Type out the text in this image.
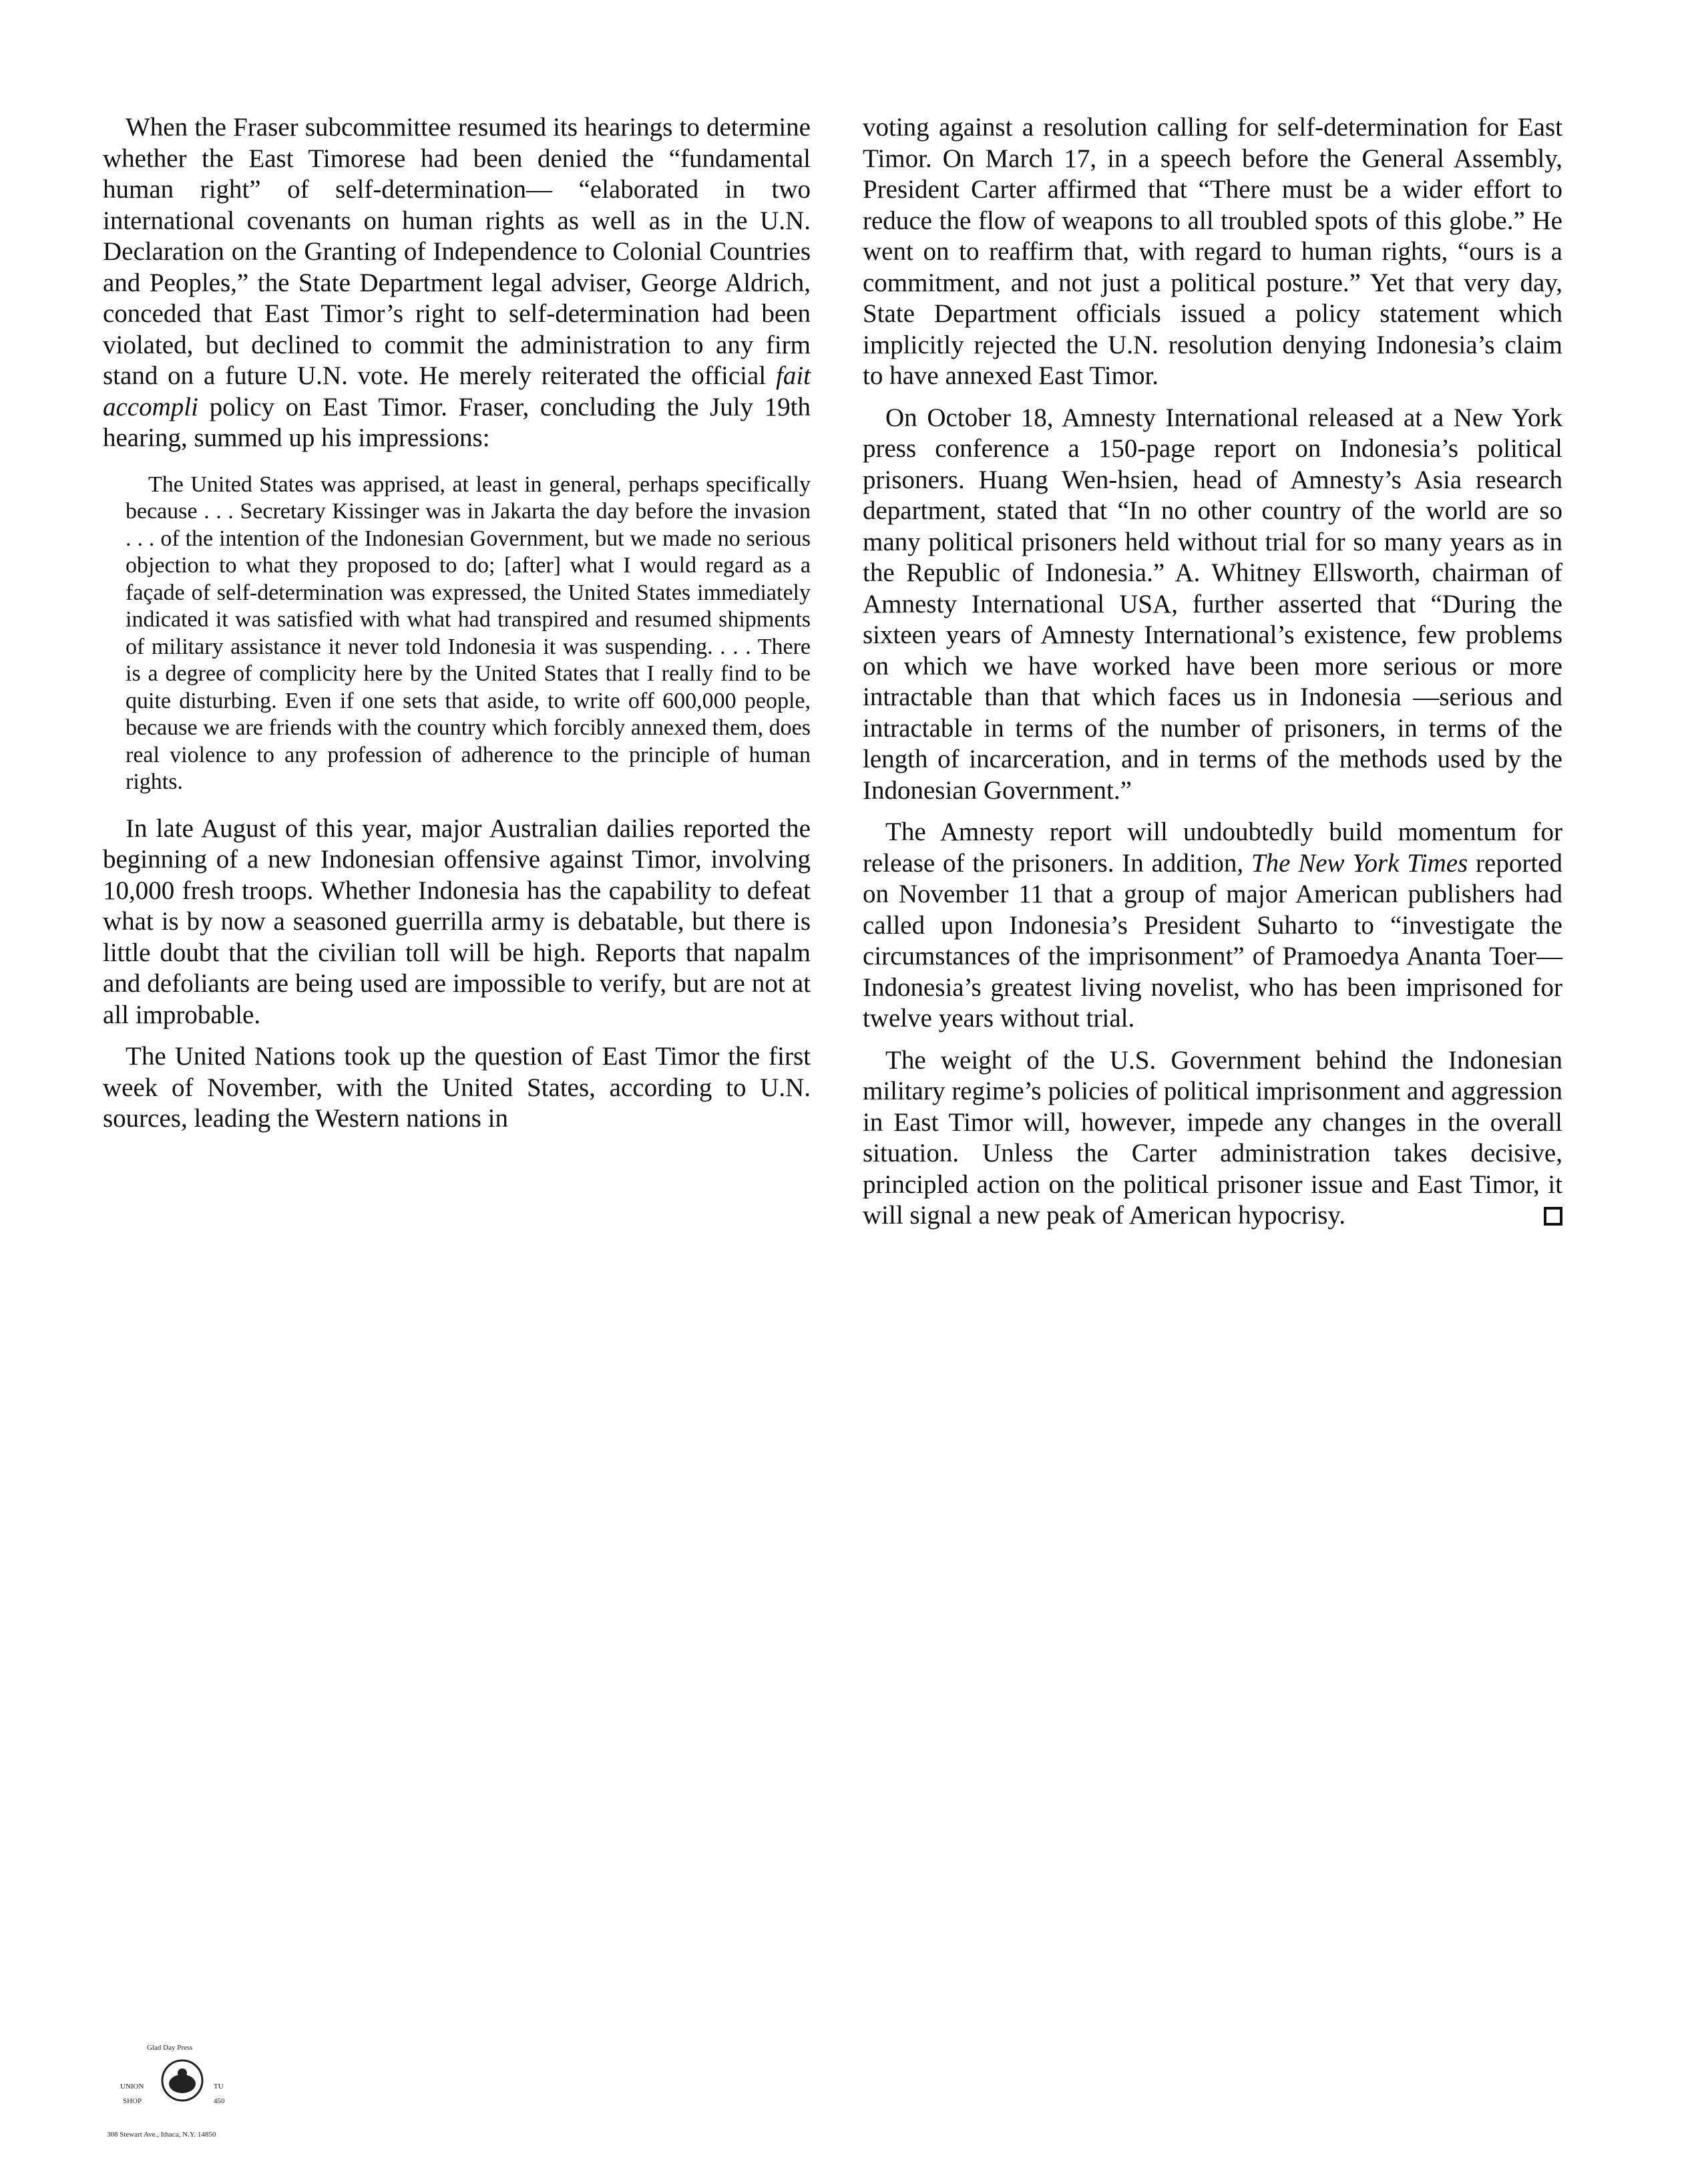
When the Fraser subcommittee resumed its hearings to determine whether the East Timorese had been denied the “fundamental human right” of self-determination— “elaborated in two international covenants on human rights as well as in the U.N. Declaration on the Granting of Independence to Colonial Countries and Peoples,” the State Department legal adviser, George Aldrich, conceded that East Timor’s right to self-determination had been violated, but declined to commit the administration to any firm stand on a future U.N. vote. He merely reiterated the official fait accompli policy on East Timor. Fraser, concluding the July 19th hearing, summed up his impressions:

The United States was apprised, at least in general, perhaps specifically because . . . Secretary Kissinger was in Jakarta the day before the invasion . . . of the intention of the Indonesian Government, but we made no serious objection to what they proposed to do; [after] what I would regard as a façade of self-determination was expressed, the United States immediately indicated it was satisfied with what had transpired and resumed shipments of military assistance it never told Indonesia it was suspending. . . . There is a degree of complicity here by the United States that I really find to be quite disturbing. Even if one sets that aside, to write off 600,000 people, because we are friends with the country which forcibly annexed them, does real violence to any profession of adherence to the principle of human rights.

In late August of this year, major Australian dailies reported the beginning of a new Indonesian offensive against Timor, involving 10,000 fresh troops. Whether Indonesia has the capability to defeat what is by now a seasoned guerrilla army is debatable, but there is little doubt that the civilian toll will be high. Reports that napalm and defoliants are being used are impossible to verify, but are not at all improbable.

The United Nations took up the question of East Timor the first week of November, with the United States, according to U.N. sources, leading the Western nations in

voting against a resolution calling for self-determination for East Timor. On March 17, in a speech before the General Assembly, President Carter affirmed that “There must be a wider effort to reduce the flow of weapons to all troubled spots of this globe.” He went on to reaffirm that, with regard to human rights, “ours is a commitment, and not just a political posture.” Yet that very day, State Department officials issued a policy statement which implicitly rejected the U.N. resolution denying Indonesia’s claim to have annexed East Timor.

On October 18, Amnesty International released at a New York press conference a 150-page report on Indonesia’s political prisoners. Huang Wen-hsien, head of Amnesty’s Asia research department, stated that “In no other country of the world are so many political prisoners held without trial for so many years as in the Republic of Indonesia.” A. Whitney Ellsworth, chairman of Amnesty International USA, further asserted that “During the sixteen years of Amnesty International’s existence, few problems on which we have worked have been more serious or more intractable than that which faces us in Indonesia —serious and intractable in terms of the number of prisoners, in terms of the length of incarceration, and in terms of the methods used by the Indonesian Government.”

The Amnesty report will undoubtedly build momentum for release of the prisoners. In addition, The New York Times reported on November 11 that a group of major American publishers had called upon Indonesia’s President Suharto to “investigate the circumstances of the imprisonment” of Pramoedya Ananta Toer—Indonesia’s greatest living novelist, who has been imprisoned for twelve years without trial.

The weight of the U.S. Government behind the Indonesian military regime’s policies of political imprisonment and aggression in East Timor will, however, impede any changes in the overall situation. Unless the Carter administration takes decisive, principled action on the political prisoner issue and East Timor, it will signal a new peak of American hypocrisy.

Glad Day Press
UNION
SHOP
TU
450
308 Stewart Ave., Ithaca, N.Y. 14850
